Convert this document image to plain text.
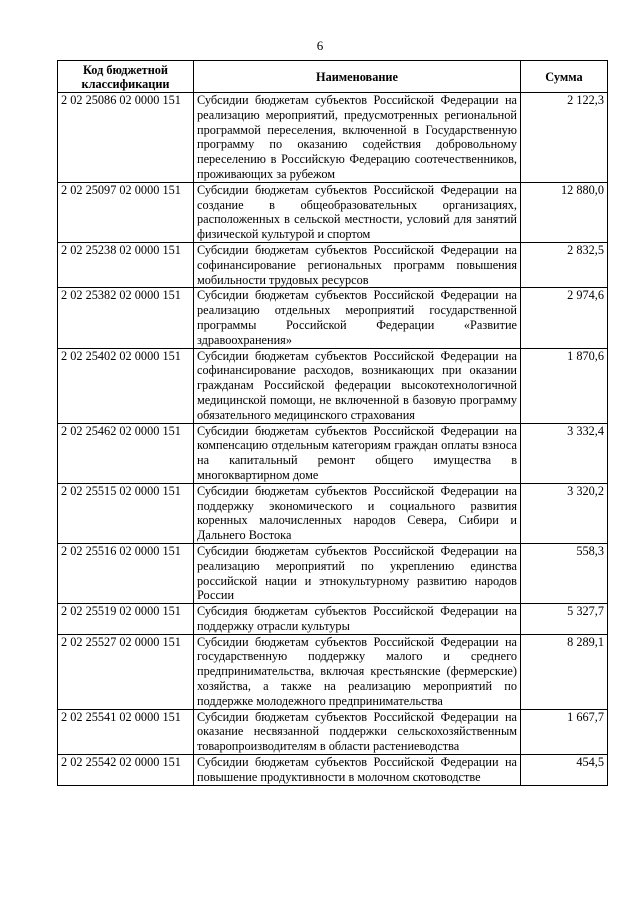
6
Код бюджетной классификации	Наименование	Сумма
2 02 25086 02 0000 151	Субсидии бюджетам субъектов Российской Федерации на реализацию мероприятий, предусмотренных региональной программой переселения, включенной в Государственную программу по оказанию содействия добровольному переселению в Российскую Федерацию соотечественников, проживающих за рубежом	2 122,3
2 02 25097 02 0000 151	Субсидии бюджетам субъектов Российской Федерации на создание в общеобразовательных организациях, расположенных в сельской местности, условий для занятий физической культурой и спортом	12 880,0
2 02 25238 02 0000 151	Субсидии бюджетам субъектов Российской Федерации на софинансирование региональных программ повышения мобильности трудовых ресурсов	2 832,5
2 02 25382 02 0000 151	Субсидии бюджетам субъектов Российской Федерации на реализацию отдельных мероприятий государственной программы Российской Федерации «Развитие здравоохранения»	2 974,6
2 02 25402 02 0000 151	Субсидии бюджетам субъектов Российской Федерации на софинансирование расходов, возникающих при оказании гражданам Российской федерации высокотехнологичной медицинской помощи, не включенной в базовую программу обязательного медицинского страхования	1 870,6
2 02 25462 02 0000 151	Субсидии бюджетам субъектов Российской Федерации на компенсацию отдельным категориям граждан оплаты взноса на капитальный ремонт общего имущества в многоквартирном доме	3 332,4
2 02 25515 02 0000 151	Субсидии бюджетам субъектов Российской Федерации на поддержку экономического и социального развития коренных малочисленных народов Севера, Сибири и Дальнего Востока	3 320,2
2 02 25516 02 0000 151	Субсидии бюджетам субъектов Российской Федерации на реализацию мероприятий по укреплению единства российской нации и этнокультурному развитию народов России	558,3
2 02 25519 02 0000 151	Субсидия бюджетам субъектов Российской Федерации на поддержку отрасли культуры	5 327,7
2 02 25527 02 0000 151	Субсидии бюджетам субъектов Российской Федерации на государственную поддержку малого и среднего предпринимательства, включая крестьянские (фермерские) хозяйства, а также на реализацию мероприятий по поддержке молодежного предпринимательства	8 289,1
2 02 25541 02 0000 151	Субсидии бюджетам субъектов Российской Федерации на оказание несвязанной поддержки сельскохозяйственным товаропроизводителям в области растениеводства	1 667,7
2 02 25542 02 0000 151	Субсидии бюджетам субъектов Российской Федерации на повышение продуктивности в молочном скотоводстве	454,5
